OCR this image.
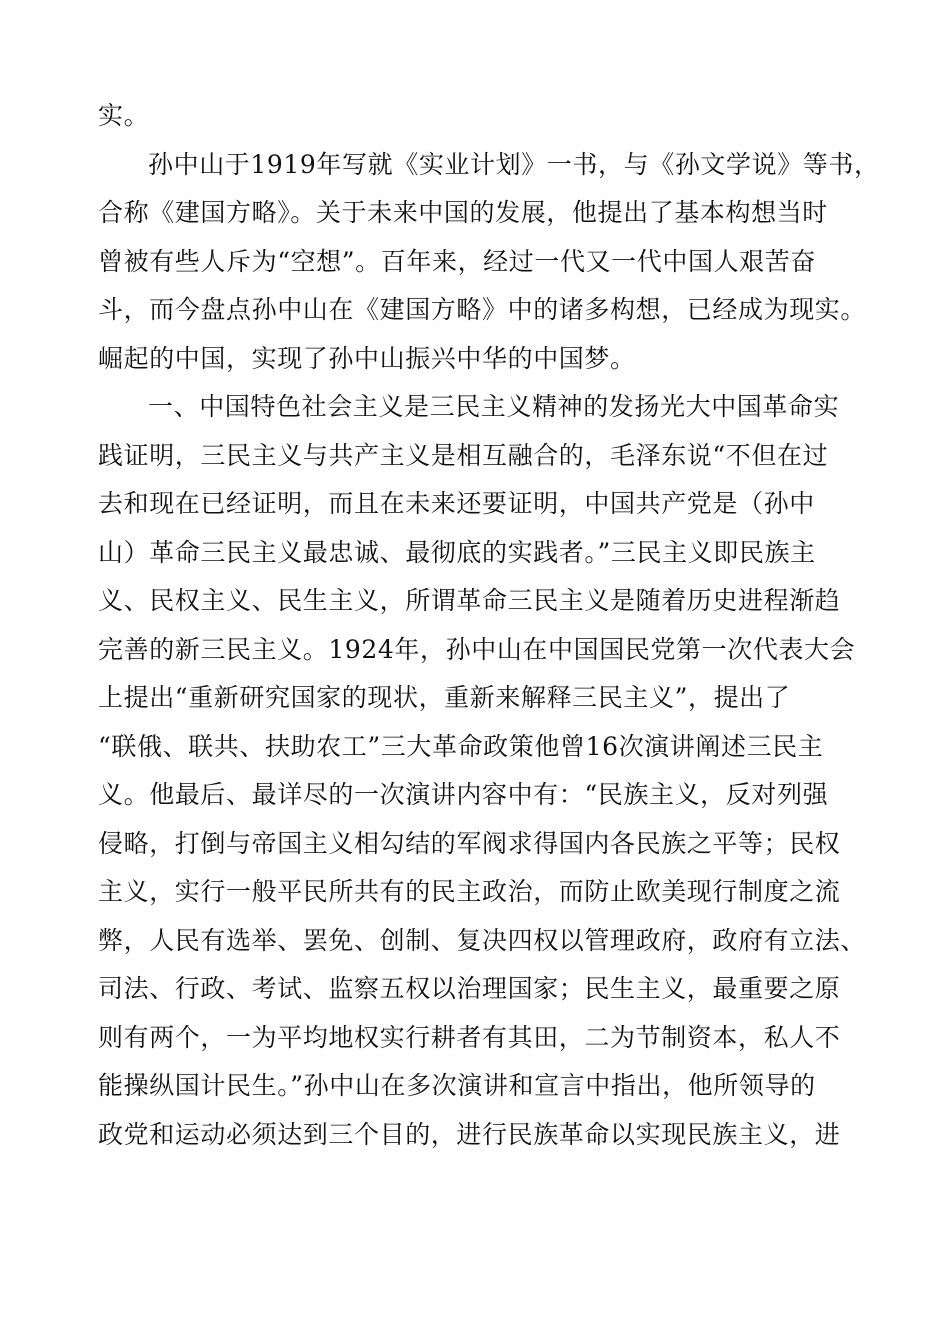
实。
孙中山于1919年写就《实业计划》一书，与《孙文学说》等书，
合称《建国方略》。关于未来中国的发展，他提出了基本构想当时
曾被有些人斥为“空想”。百年来，经过一代又一代中国人艰苦奋
斗，而今盘点孙中山在《建国方略》中的诸多构想，已经成为现实。
崛起的中国，实现了孙中山振兴中华的中国梦。
一、中国特色社会主义是三民主义精神的发扬光大中国革命实
践证明，三民主义与共产主义是相互融合的，毛泽东说“不但在过
去和现在已经证明，而且在未来还要证明，中国共产党是（孙中
山）革命三民主义最忠诚、最彻底的实践者。”三民主义即民族主
义、民权主义、民生主义，所谓革命三民主义是随着历史进程渐趋
完善的新三民主义。1924年，孙中山在中国国民党第一次代表大会
上提出“重新研究国家的现状，重新来解释三民主义”，提出了
“联俄、联共、扶助农工”三大革命政策他曾16次演讲阐述三民主
义。他最后、最详尽的一次演讲内容中有：“民族主义，反对列强
侵略，打倒与帝国主义相勾结的军阀求得国内各民族之平等；民权
主义，实行一般平民所共有的民主政治，而防止欧美现行制度之流
弊，人民有选举、罢免、创制、复决四权以管理政府，政府有立法、
司法、行政、考试、监察五权以治理国家；民生主义，最重要之原
则有两个，一为平均地权实行耕者有其田，二为节制资本，私人不
能操纵国计民生。”孙中山在多次演讲和宣言中指出，他所领导的
政党和运动必须达到三个目的，进行民族革命以实现民族主义，进
